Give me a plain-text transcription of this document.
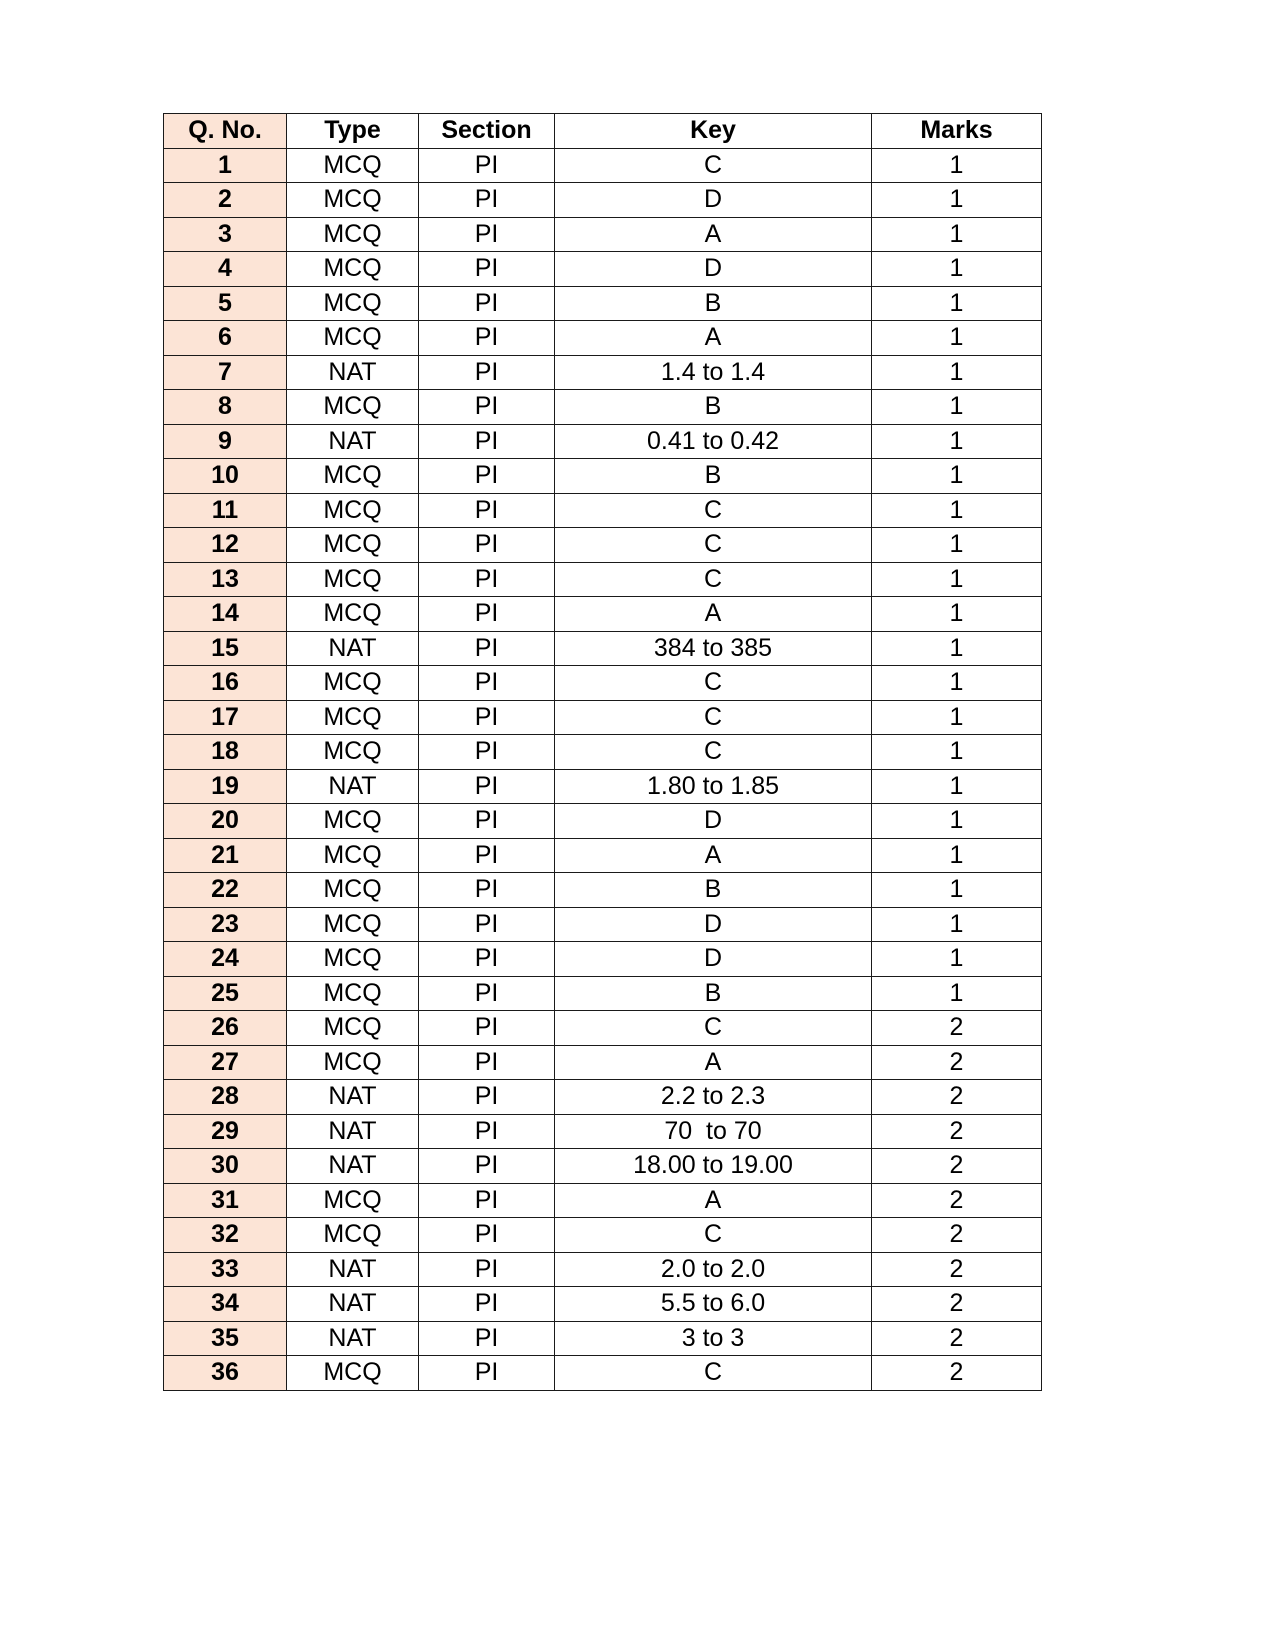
Q. No.	Type	Section	Key	Marks
1	MCQ	PI	C	1
2	MCQ	PI	D	1
3	MCQ	PI	A	1
4	MCQ	PI	D	1
5	MCQ	PI	B	1
6	MCQ	PI	A	1
7	NAT	PI	1.4 to 1.4	1
8	MCQ	PI	B	1
9	NAT	PI	0.41 to 0.42	1
10	MCQ	PI	B	1
11	MCQ	PI	C	1
12	MCQ	PI	C	1
13	MCQ	PI	C	1
14	MCQ	PI	A	1
15	NAT	PI	384 to 385	1
16	MCQ	PI	C	1
17	MCQ	PI	C	1
18	MCQ	PI	C	1
19	NAT	PI	1.80 to 1.85	1
20	MCQ	PI	D	1
21	MCQ	PI	A	1
22	MCQ	PI	B	1
23	MCQ	PI	D	1
24	MCQ	PI	D	1
25	MCQ	PI	B	1
26	MCQ	PI	C	2
27	MCQ	PI	A	2
28	NAT	PI	2.2 to 2.3	2
29	NAT	PI	70  to 70	2
30	NAT	PI	18.00 to 19.00	2
31	MCQ	PI	A	2
32	MCQ	PI	C	2
33	NAT	PI	2.0 to 2.0	2
34	NAT	PI	5.5 to 6.0	2
35	NAT	PI	3 to 3	2
36	MCQ	PI	C	2
